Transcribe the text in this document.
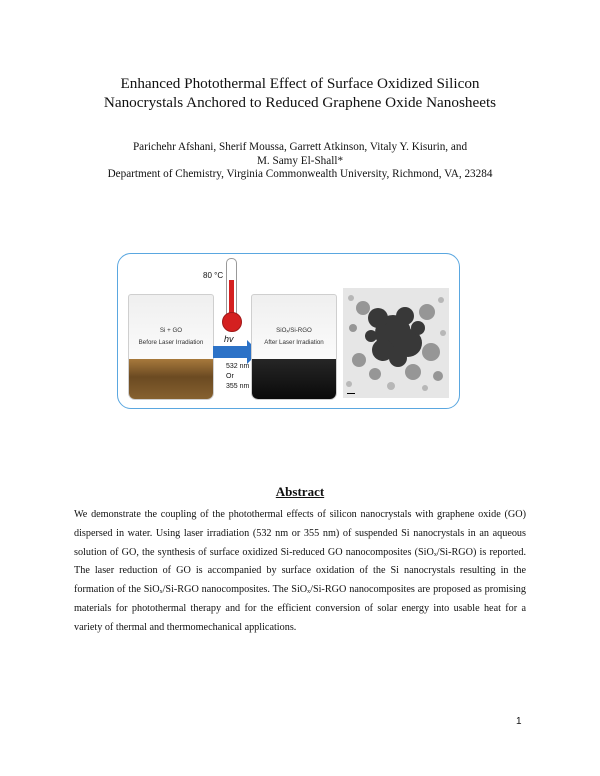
Enhanced Photothermal Effect of Surface Oxidized Silicon
Nanocrystals Anchored to Reduced Graphene Oxide Nanosheets
Parichehr Afshani, Sherif Moussa, Garrett Atkinson, Vitaly Y. Kisurin, and
M. Samy El-Shall*
Department of Chemistry, Virginia Commonwealth University, Richmond, VA, 23284
Si + GO
Before Laser Irradiation
80 °C
hv
532 nm
Or
355 nm
SiOₓ/Si-RGO
After Laser Irradiation
Abstract
We demonstrate the coupling of the photothermal effects of silicon nanocrystals with graphene oxide (GO) dispersed in water. Using laser irradiation (532 nm or 355 nm) of suspended Si nanocrystals in an aqueous solution of GO, the synthesis of surface oxidized Si-reduced GO nanocomposites (SiOₓ/Si-RGO) is reported. The laser reduction of GO is accompanied by surface oxidation of the Si nanocrystals resulting in the formation of the SiOₓ/Si-RGO nanocomposites. The SiOₓ/Si-RGO nanocomposites are proposed as promising materials for photothermal therapy and for the efficient conversion of solar energy into usable heat for a variety of thermal and thermomechanical applications.
1
